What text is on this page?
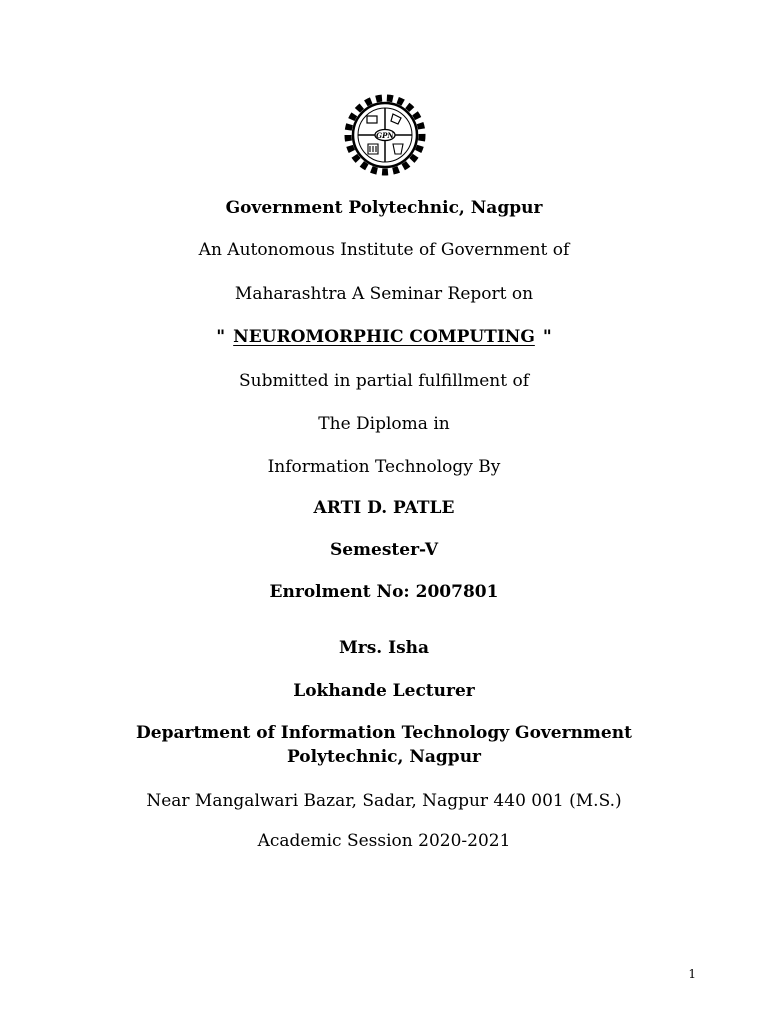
GPN
Government Polytechnic, Nagpur
An Autonomous Institute of Government of
Maharashtra A Seminar Report on
" NEUROMORPHIC COMPUTING "
Submitted in partial fulfillment of
The Diploma in
Information Technology By
ARTI D. PATLE
Semester-V
Enrolment No: 2007801
Mrs. Isha
Lokhande Lecturer
Department of Information Technology Government Polytechnic, Nagpur
Near Mangalwari Bazar, Sadar, Nagpur 440 001 (M.S.)
Academic Session 2020-2021
1
